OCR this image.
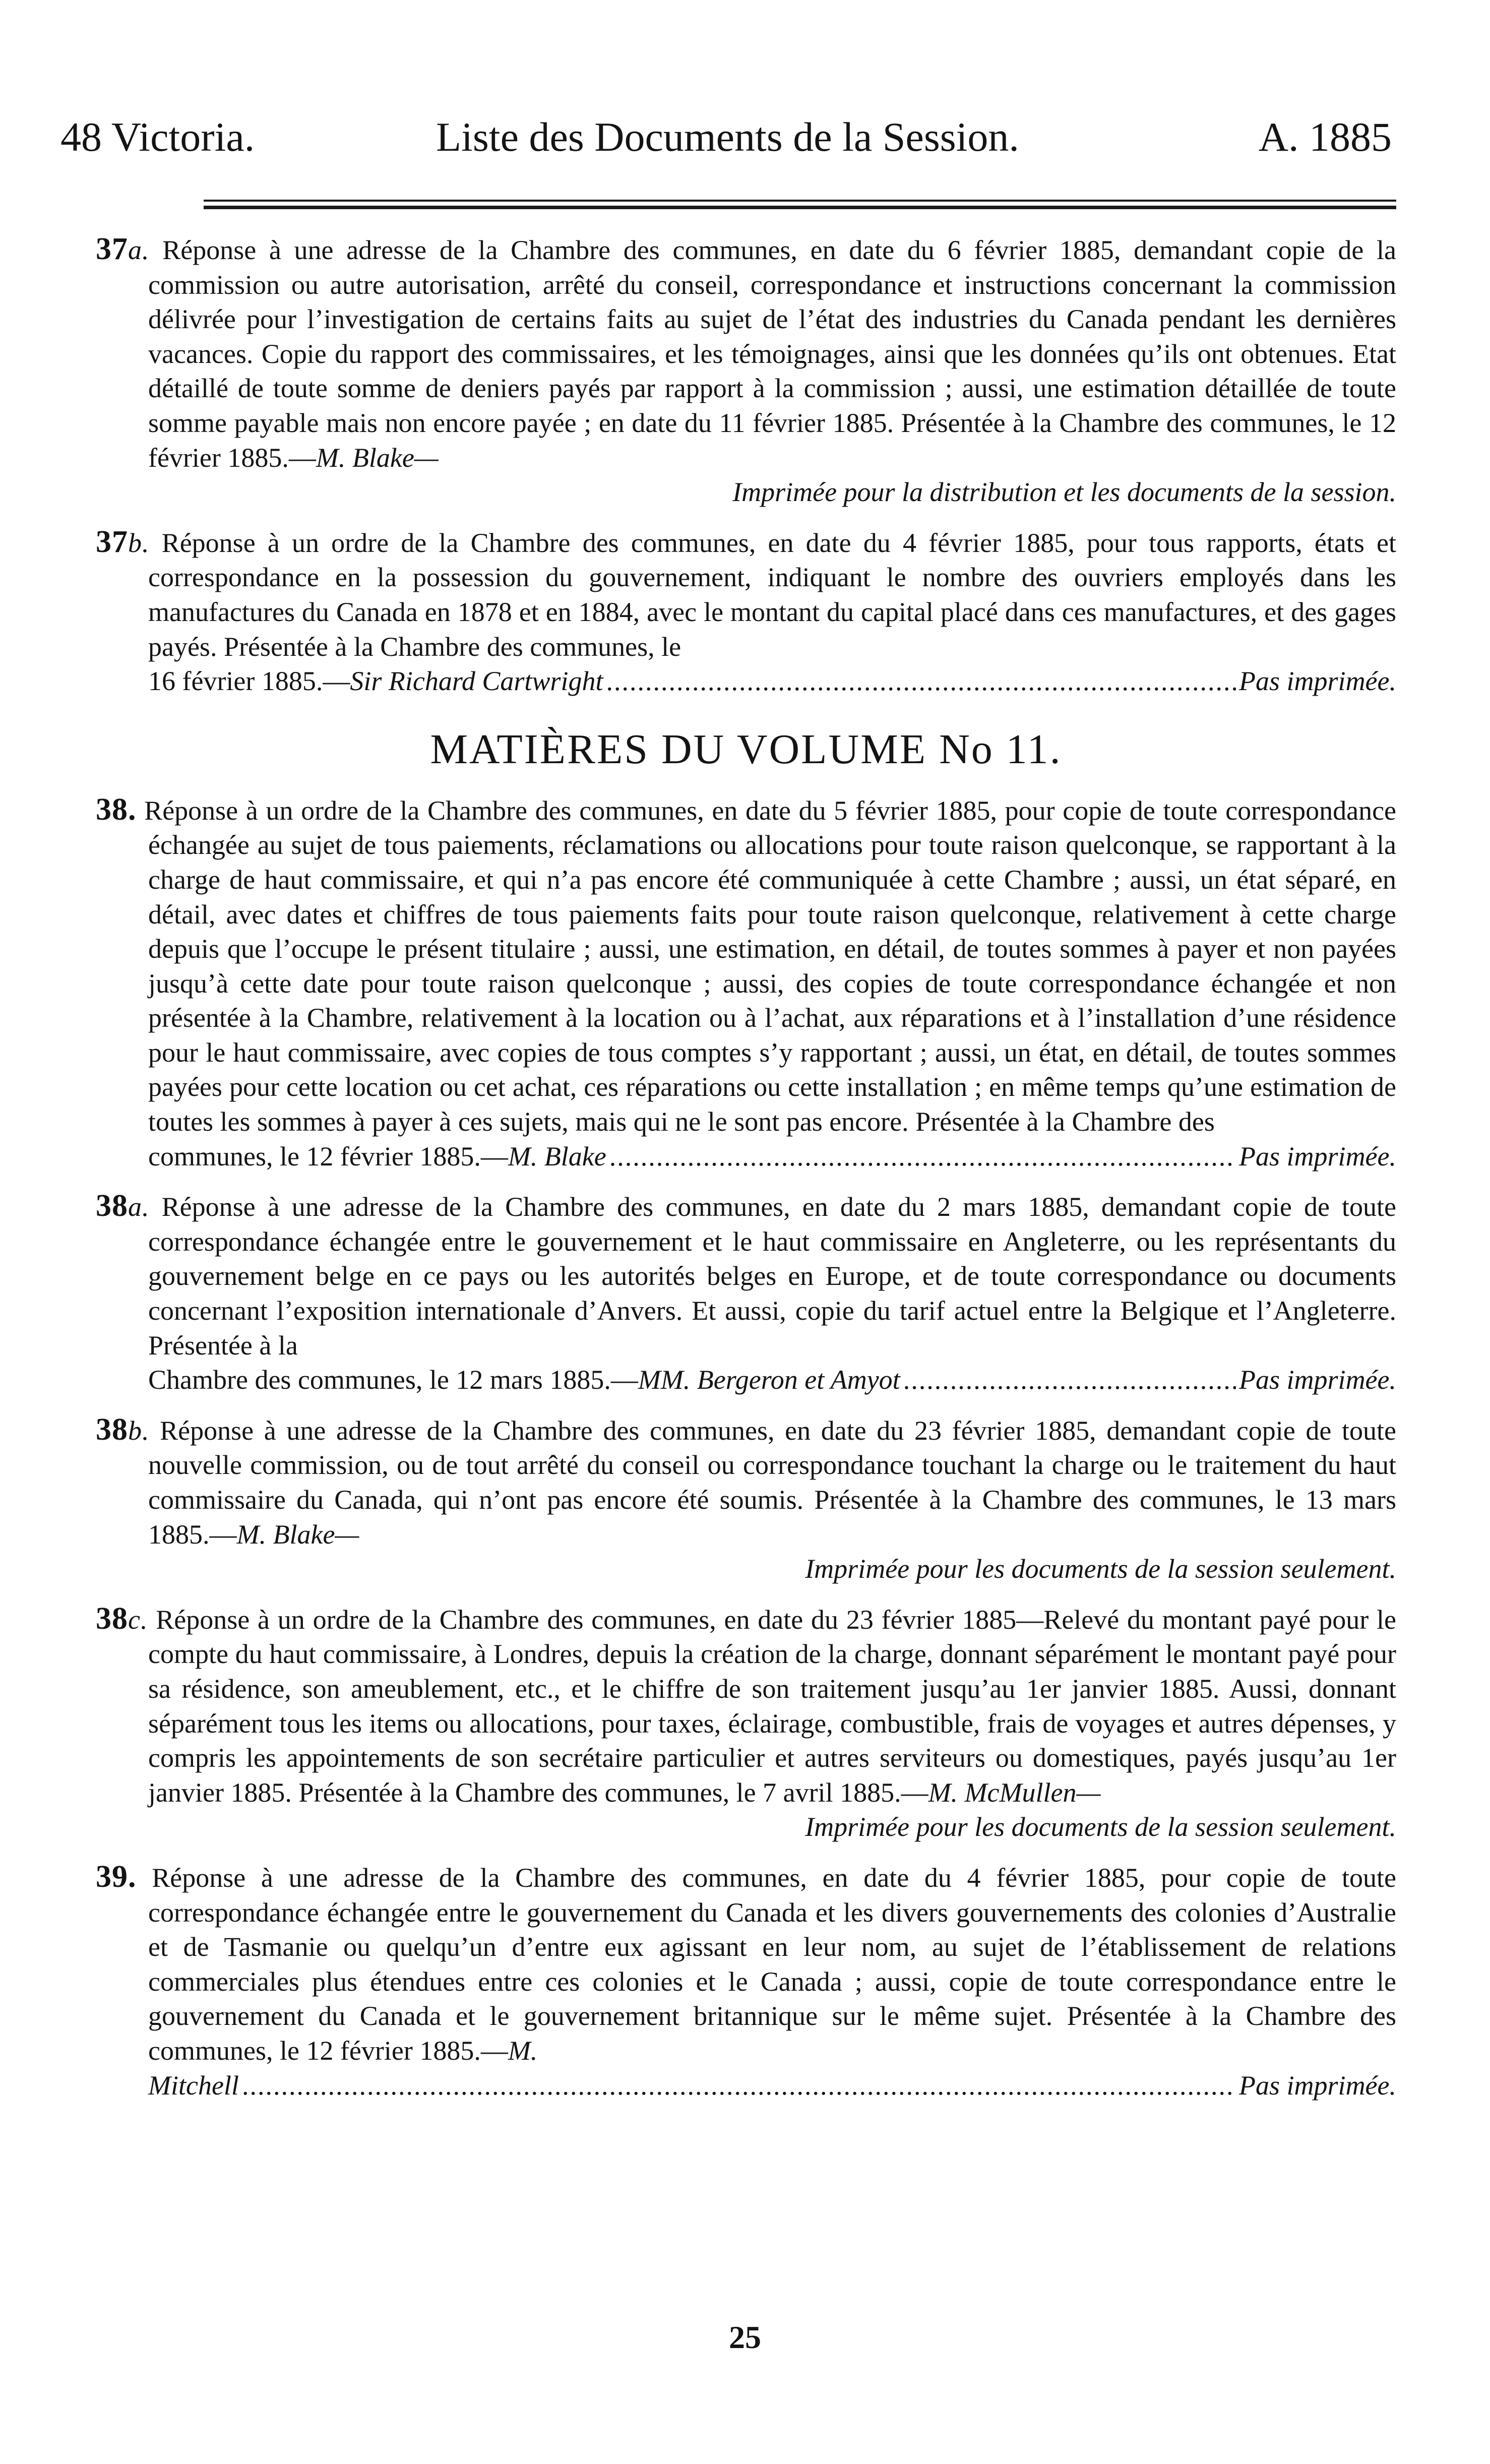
48 Victoria.	Liste des Documents de la Session.	A. 1885
37a. Réponse à une adresse de la Chambre des communes, en date du 6 février 1885, demandant copie de la commission ou autre autorisation, arrêté du conseil, correspondance et instructions concernant la commission délivrée pour l’investigation de certains faits au sujet de l’état des industries du Canada pendant les dernières vacances. Copie du rapport des commissaires, et les témoignages, ainsi que les données qu’ils ont obtenues. Etat détaillé de toute somme de deniers payés par rapport à la commission ; aussi, une estimation détaillée de toute somme payable mais non encore payée ; en date du 11 février 1885. Présentée à la Chambre des communes, le 12 février 1885.—M. Blake—
Imprimée pour la distribution et les documents de la session.
37b. Réponse à un ordre de la Chambre des communes, en date du 4 février 1885, pour tous rapports, états et correspondance en la possession du gouvernement, indiquant le nombre des ouvriers employés dans les manufactures du Canada en 1878 et en 1884, avec le montant du capital placé dans ces manufactures, et des gages payés. Présentée à la Chambre des communes, le
16 février 1885.—Sir Richard Cartwright .....	Pas imprimée.
MATIÈRES DU VOLUME No 11.
38. Réponse à un ordre de la Chambre des communes, en date du 5 février 1885, pour copie de toute correspondance échangée au sujet de tous paiements, réclamations ou allocations pour toute raison quelconque, se rapportant à la charge de haut commissaire, et qui n’a pas encore été communiquée à cette Chambre ; aussi, un état séparé, en détail, avec dates et chiffres de tous paiements faits pour toute raison quelconque, relativement à cette charge depuis que l’occupe le présent titulaire ; aussi, une estimation, en détail, de toutes sommes à payer et non payées jusqu’à cette date pour toute raison quelconque ; aussi, des copies de toute correspondance échangée et non présentée à la Chambre, relativement à la location ou à l’achat, aux réparations et à l’installation d’une résidence pour le haut commissaire, avec copies de tous comptes s’y rapportant ; aussi, un état, en détail, de toutes sommes payées pour cette location ou cet achat, ces réparations ou cette installation ; en même temps qu’une estimation de toutes les sommes à payer à ces sujets, mais qui ne le sont pas encore. Présentée à la Chambre des
communes, le 12 février 1885.—M. Blake .....	Pas imprimée.
38a. Réponse à une adresse de la Chambre des communes, en date du 2 mars 1885, demandant copie de toute correspondance échangée entre le gouvernement et le haut commissaire en Angleterre, ou les représentants du gouvernement belge en ce pays ou les autorités belges en Europe, et de toute correspondance ou documents concernant l’exposition internationale d’Anvers. Et aussi, copie du tarif actuel entre la Belgique et l’Angleterre. Présentée à la
Chambre des communes, le 12 mars 1885.—MM. Bergeron et Amyot .....	Pas imprimée.
38b. Réponse à une adresse de la Chambre des communes, en date du 23 février 1885, demandant copie de toute nouvelle commission, ou de tout arrêté du conseil ou correspondance touchant la charge ou le traitement du haut commissaire du Canada, qui n’ont pas encore été soumis. Présentée à la Chambre des communes, le 13 mars 1885.—M. Blake—
Imprimée pour les documents de la session seulement.
38c. Réponse à un ordre de la Chambre des communes, en date du 23 février 1885—Relevé du montant payé pour le compte du haut commissaire, à Londres, depuis la création de la charge, donnant séparément le montant payé pour sa résidence, son ameublement, etc., et le chiffre de son traitement jusqu’au 1er janvier 1885. Aussi, donnant séparément tous les items ou allocations, pour taxes, éclairage, combustible, frais de voyages et autres dépenses, y compris les appointements de son secrétaire particulier et autres serviteurs ou domestiques, payés jusqu’au 1er janvier 1885. Présentée à la Chambre des communes, le 7 avril 1885.—M. McMullen—
Imprimée pour les documents de la session seulement.
39. Réponse à une adresse de la Chambre des communes, en date du 4 février 1885, pour copie de toute correspondance échangée entre le gouvernement du Canada et les divers gouvernements des colonies d’Australie et de Tasmanie ou quelqu’un d’entre eux agissant en leur nom, au sujet de l’établissement de relations commerciales plus étendues entre ces colonies et le Canada ; aussi, copie de toute correspondance entre le gouvernement du Canada et le gouvernement britannique sur le même sujet. Présentée à la Chambre des communes, le 12 février 1885.—M.
Mitchell .....	Pas imprimée.
25
